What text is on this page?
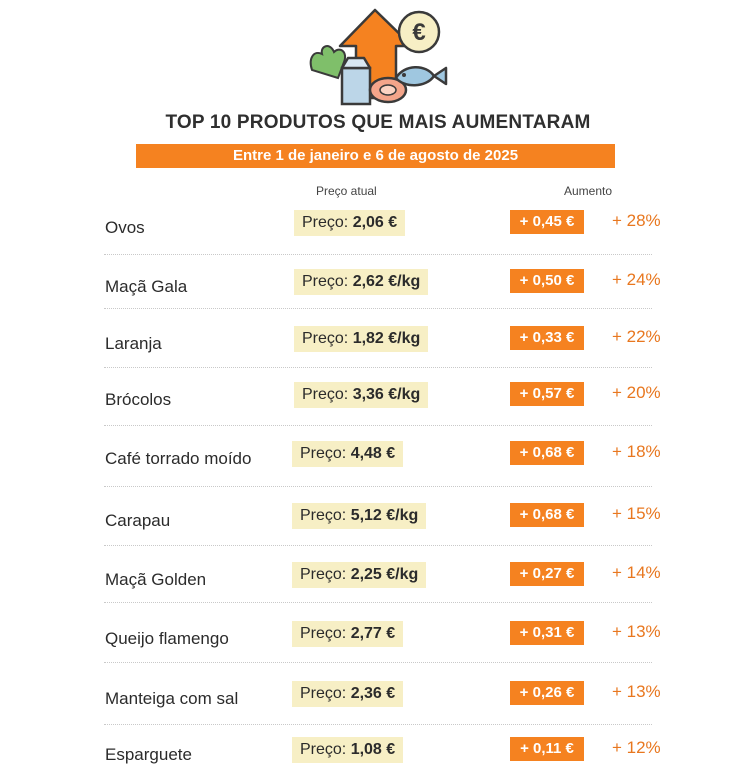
€
TOP 10 PRODUTOS QUE MAIS AUMENTARAM
Entre 1 de janeiro e 6 de agosto de 2025
Preço atual	Aumento
Ovos	Preço: 2,06 €	+ 0,45 €	+ 28%
Maçã Gala	Preço: 2,62 €/kg	+ 0,50 €	+ 24%
Laranja	Preço: 1,82 €/kg	+ 0,33 €	+ 22%
Brócolos	Preço: 3,36 €/kg	+ 0,57 €	+ 20%
Café torrado moído	Preço: 4,48 €	+ 0,68 €	+ 18%
Carapau	Preço: 5,12 €/kg	+ 0,68 €	+ 15%
Maçã Golden	Preço: 2,25 €/kg	+ 0,27 €	+ 14%
Queijo flamengo	Preço: 2,77 €	+ 0,31 €	+ 13%
Manteiga com sal	Preço: 2,36 €	+ 0,26 €	+ 13%
Esparguete	Preço: 1,08 €	+ 0,11 €	+ 12%
